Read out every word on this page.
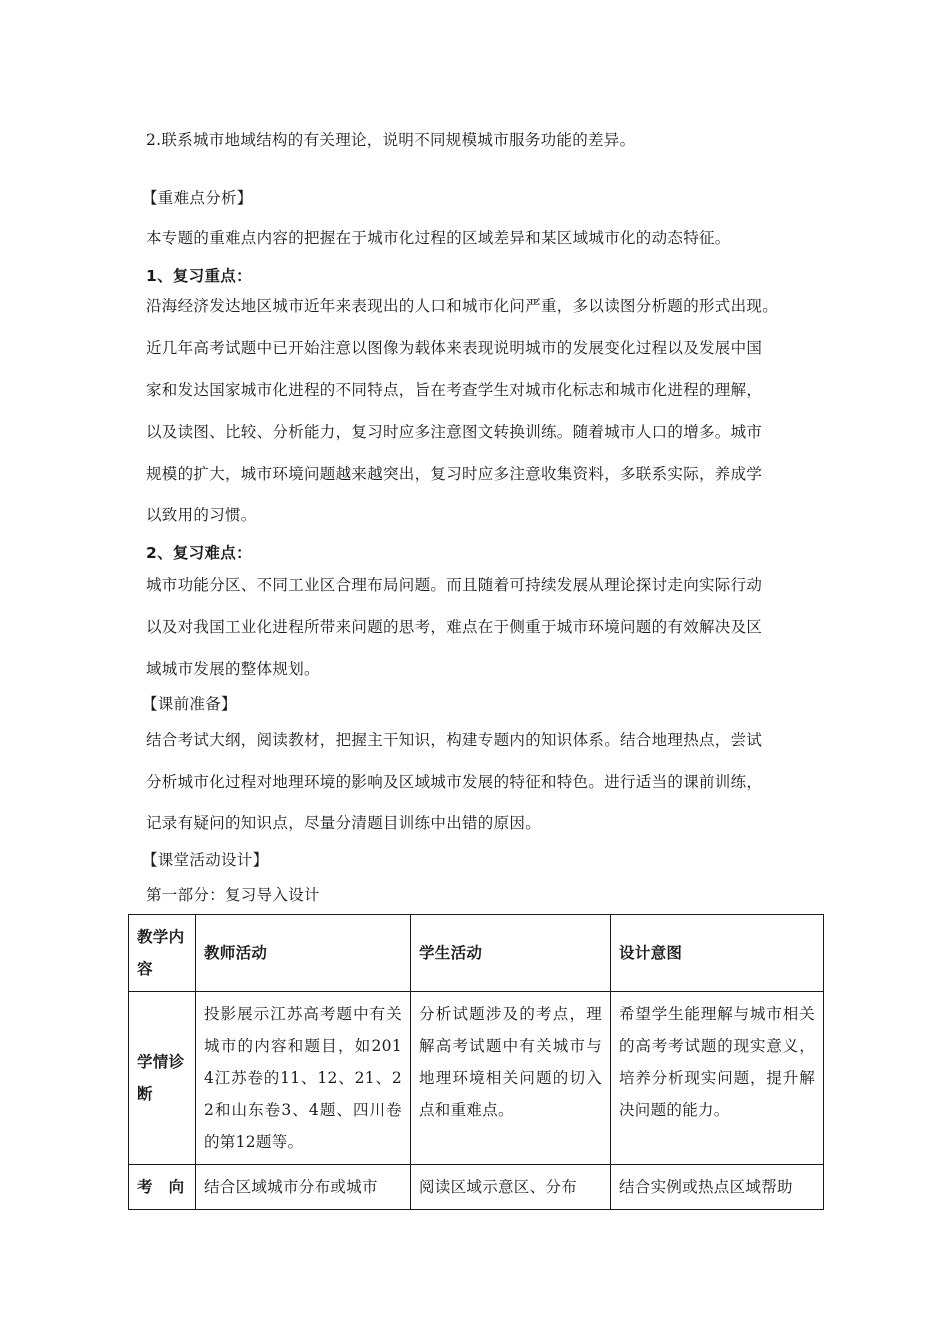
2.联系城市地域结构的有关理论，说明不同规模城市服务功能的差异。
【重难点分析】
本专题的重难点内容的把握在于城市化过程的区域差异和某区域城市化的动态特征。
1、复习重点：
沿海经济发达地区城市近年来表现出的人口和城市化问严重，多以读图分析题的形式出现。
近几年高考试题中已开始注意以图像为载体来表现说明城市的发展变化过程以及发展中国
家和发达国家城市化进程的不同特点，旨在考查学生对城市化标志和城市化进程的理解，
以及读图、比较、分析能力，复习时应多注意图文转换训练。随着城市人口的增多。城市
规模的扩大，城市环境问题越来越突出，复习时应多注意收集资料，多联系实际，养成学
以致用的习惯。
2、复习难点：
城市功能分区、不同工业区合理布局问题。而且随着可持续发展从理论探讨走向实际行动
以及对我国工业化进程所带来问题的思考，难点在于侧重于城市环境问题的有效解决及区
域城市发展的整体规划。
【课前准备】
结合考试大纲，阅读教材，把握主干知识，构建专题内的知识体系。结合地理热点，尝试
分析城市化过程对地理环境的影响及区域城市发展的特征和特色。进行适当的课前训练，
记录有疑问的知识点，尽量分清题目训练中出错的原因。
【课堂活动设计】
第一部分：复习导入设计
教学内容	教师活动	学生活动	设计意图
学情诊断	投影展示江苏高考题中有关城市的内容和题目，如2014江苏卷的11、12、21、22和山东卷3、4题、四川卷的第12题等。	分析试题涉及的考点，理解高考试题中有关城市与地理环境相关问题的切入点和重难点。	希望学生能理解与城市相关的高考考试题的现实意义，培养分析现实问题，提升解决问题的能力。
考　向	结合区域城市分布或城市	阅读区域示意区、分布	结合实例或热点区域帮助
